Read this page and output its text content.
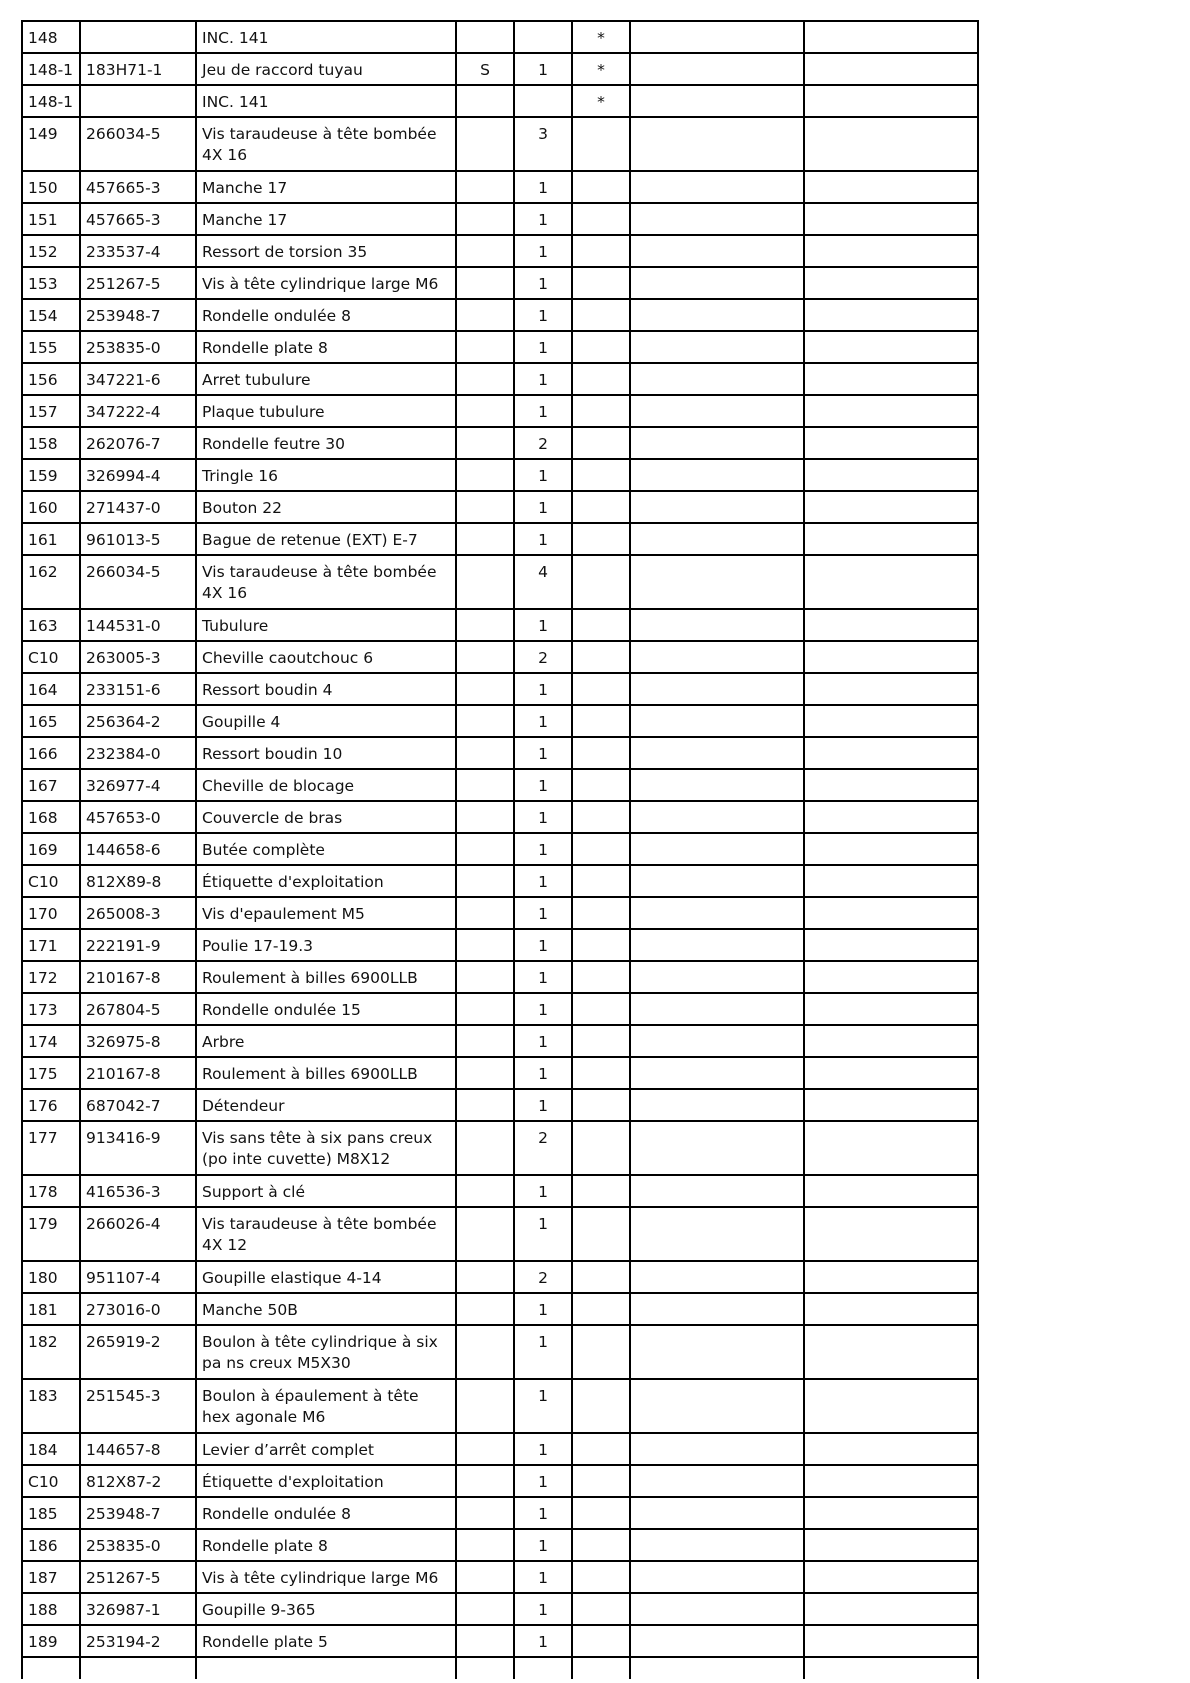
148		INC. 141			*		
148-1	183H71-1	Jeu de raccord tuyau	S	1	*		
148-1		INC. 141			*		
149	266034-5	Vis taraudeuse à tête bombée 4X 16		3			
150	457665-3	Manche 17		1			
151	457665-3	Manche 17		1			
152	233537-4	Ressort de torsion 35		1			
153	251267-5	Vis à tête cylindrique large M6		1			
154	253948-7	Rondelle ondulée 8		1			
155	253835-0	Rondelle plate 8		1			
156	347221-6	Arret tubulure		1			
157	347222-4	Plaque tubulure		1			
158	262076-7	Rondelle feutre 30		2			
159	326994-4	Tringle 16		1			
160	271437-0	Bouton 22		1			
161	961013-5	Bague de retenue (EXT) E-7		1			
162	266034-5	Vis taraudeuse à tête bombée 4X 16		4			
163	144531-0	Tubulure		1			
C10	263005-3	Cheville caoutchouc 6		2			
164	233151-6	Ressort boudin 4		1			
165	256364-2	Goupille 4		1			
166	232384-0	Ressort boudin 10		1			
167	326977-4	Cheville de blocage		1			
168	457653-0	Couvercle de bras		1			
169	144658-6	Butée complète		1			
C10	812X89-8	Étiquette d'exploitation		1			
170	265008-3	Vis d'epaulement M5		1			
171	222191-9	Poulie 17-19.3		1			
172	210167-8	Roulement à billes 6900LLB		1			
173	267804-5	Rondelle ondulée 15		1			
174	326975-8	Arbre		1			
175	210167-8	Roulement à billes 6900LLB		1			
176	687042-7	Détendeur		1			
177	913416-9	Vis sans tête à six pans creux (po inte cuvette) M8X12		2			
178	416536-3	Support à clé		1			
179	266026-4	Vis taraudeuse à tête bombée 4X 12		1			
180	951107-4	Goupille elastique 4-14		2			
181	273016-0	Manche 50B		1			
182	265919-2	Boulon à tête cylindrique à six pa ns creux M5X30		1			
183	251545-3	Boulon à épaulement à tête hex agonale M6		1			
184	144657-8	Levier d’arrêt complet		1			
C10	812X87-2	Étiquette d'exploitation		1			
185	253948-7	Rondelle ondulée 8		1			
186	253835-0	Rondelle plate 8		1			
187	251267-5	Vis à tête cylindrique large M6		1			
188	326987-1	Goupille 9-365		1			
189	253194-2	Rondelle plate 5		1			
